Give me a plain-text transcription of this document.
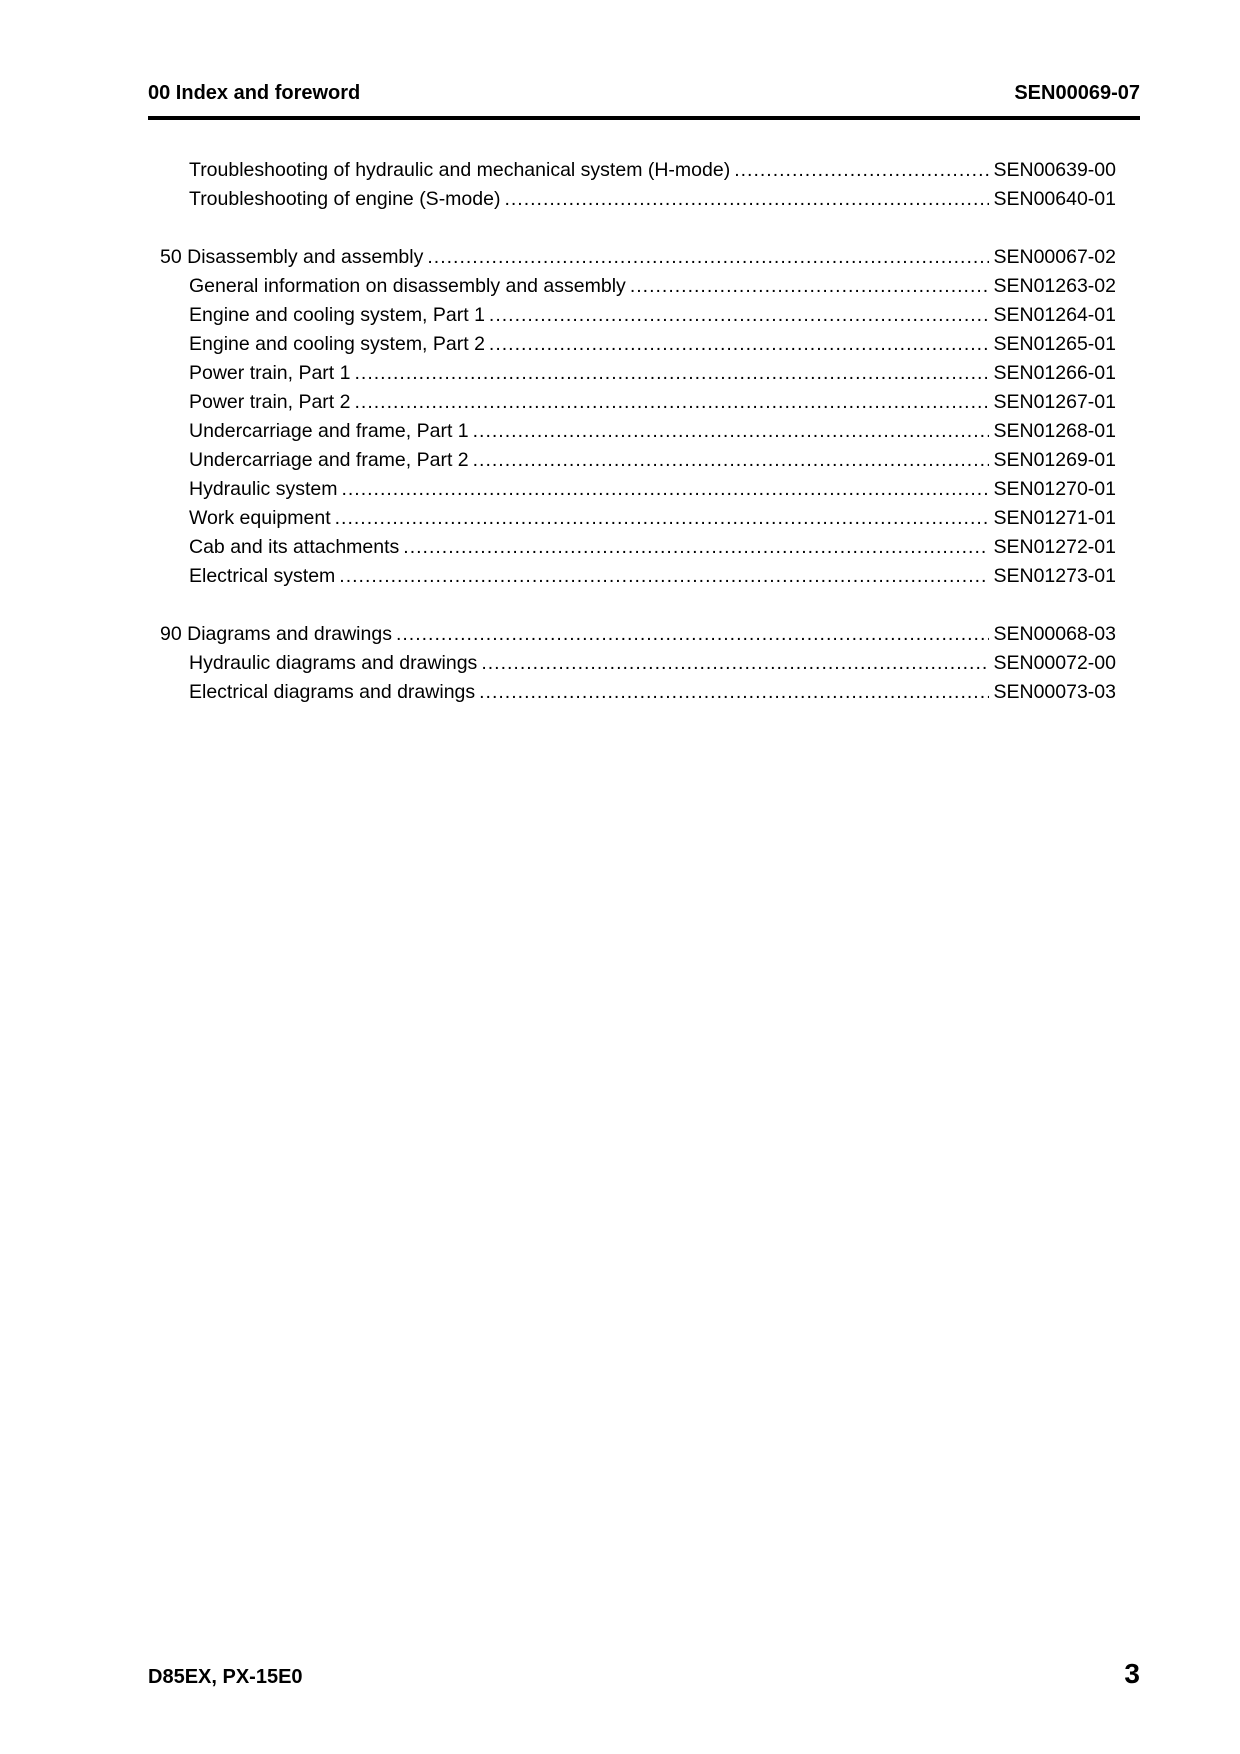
00 Index and foreword	SEN00069-07
Troubleshooting of hydraulic and mechanical system (H-mode) .....	SEN00639-00
Troubleshooting of engine (S-mode) .....	SEN00640-01
50 Disassembly and assembly .....	SEN00067-02
General information on disassembly and assembly .....	SEN01263-02
Engine and cooling system, Part 1 .....	SEN01264-01
Engine and cooling system, Part 2 .....	SEN01265-01
Power train, Part 1 .....	SEN01266-01
Power train, Part 2 .....	SEN01267-01
Undercarriage and frame, Part 1 .....	SEN01268-01
Undercarriage and frame, Part 2 .....	SEN01269-01
Hydraulic system .....	SEN01270-01
Work equipment .....	SEN01271-01
Cab and its attachments .....	SEN01272-01
Electrical system .....	SEN01273-01
90 Diagrams and drawings .....	SEN00068-03
Hydraulic diagrams and drawings .....	SEN00072-00
Electrical diagrams and drawings .....	SEN00073-03
D85EX, PX-15E0	3
